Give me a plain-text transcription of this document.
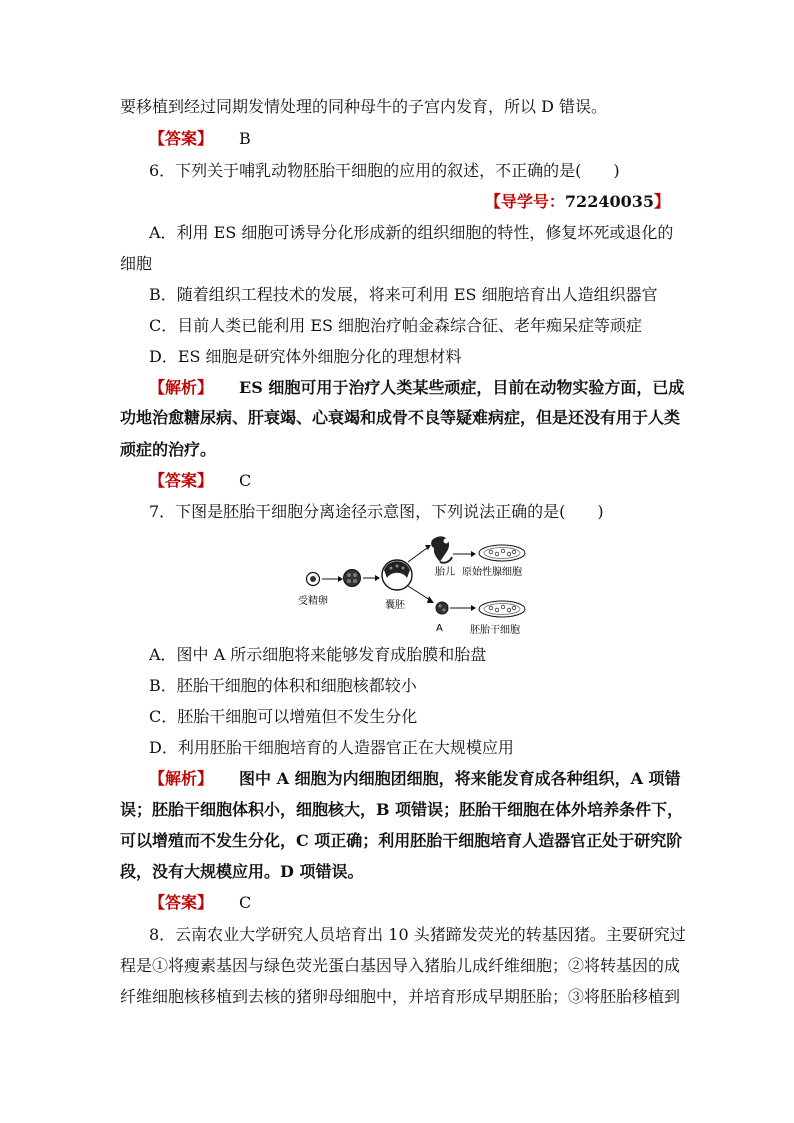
要移植到经过同期发情处理的同种母牛的子宫内发育，所以 D 错误。
【答案】 B
6．下列关于哺乳动物胚胎干细胞的应用的叙述，不正确的是(　　)
【导学号：72240035】
A．利用 ES 细胞可诱导分化形成新的组织细胞的特性，修复坏死或退化的
细胞
B．随着组织工程技术的发展，将来可利用 ES 细胞培育出人造组织器官
C．目前人类已能利用 ES 细胞治疗帕金森综合征、老年痴呆症等顽症
D．ES 细胞是研究体外细胞分化的理想材料
【解析】 ES 细胞可用于治疗人类某些顽症，目前在动物实验方面，已成
功地治愈糖尿病、肝衰竭、心衰竭和成骨不良等疑难病症，但是还没有用于人类
顽症的治疗。
【答案】 C
7．下图是胚胎干细胞分离途径示意图，下列说法正确的是(　　)
受精卵	囊胚
胎儿 原始性腺细胞
A	胚胎干细胞
A．图中 A 所示细胞将来能够发育成胎膜和胎盘
B．胚胎干细胞的体积和细胞核都较小
C．胚胎干细胞可以增殖但不发生分化
D．利用胚胎干细胞培育的人造器官正在大规模应用
【解析】 图中 A 细胞为内细胞团细胞，将来能发育成各种组织，A 项错
误；胚胎干细胞体积小，细胞核大，B 项错误；胚胎干细胞在体外培养条件下，
可以增殖而不发生分化，C 项正确；利用胚胎干细胞培育人造器官正处于研究阶
段，没有大规模应用。D 项错误。
【答案】 C
8．云南农业大学研究人员培育出 10 头猪蹄发荧光的转基因猪。主要研究过
程是①将瘦素基因与绿色荧光蛋白基因导入猪胎儿成纤维细胞；②将转基因的成
纤维细胞核移植到去核的猪卵母细胞中，并培育形成早期胚胎；③将胚胎移植到
